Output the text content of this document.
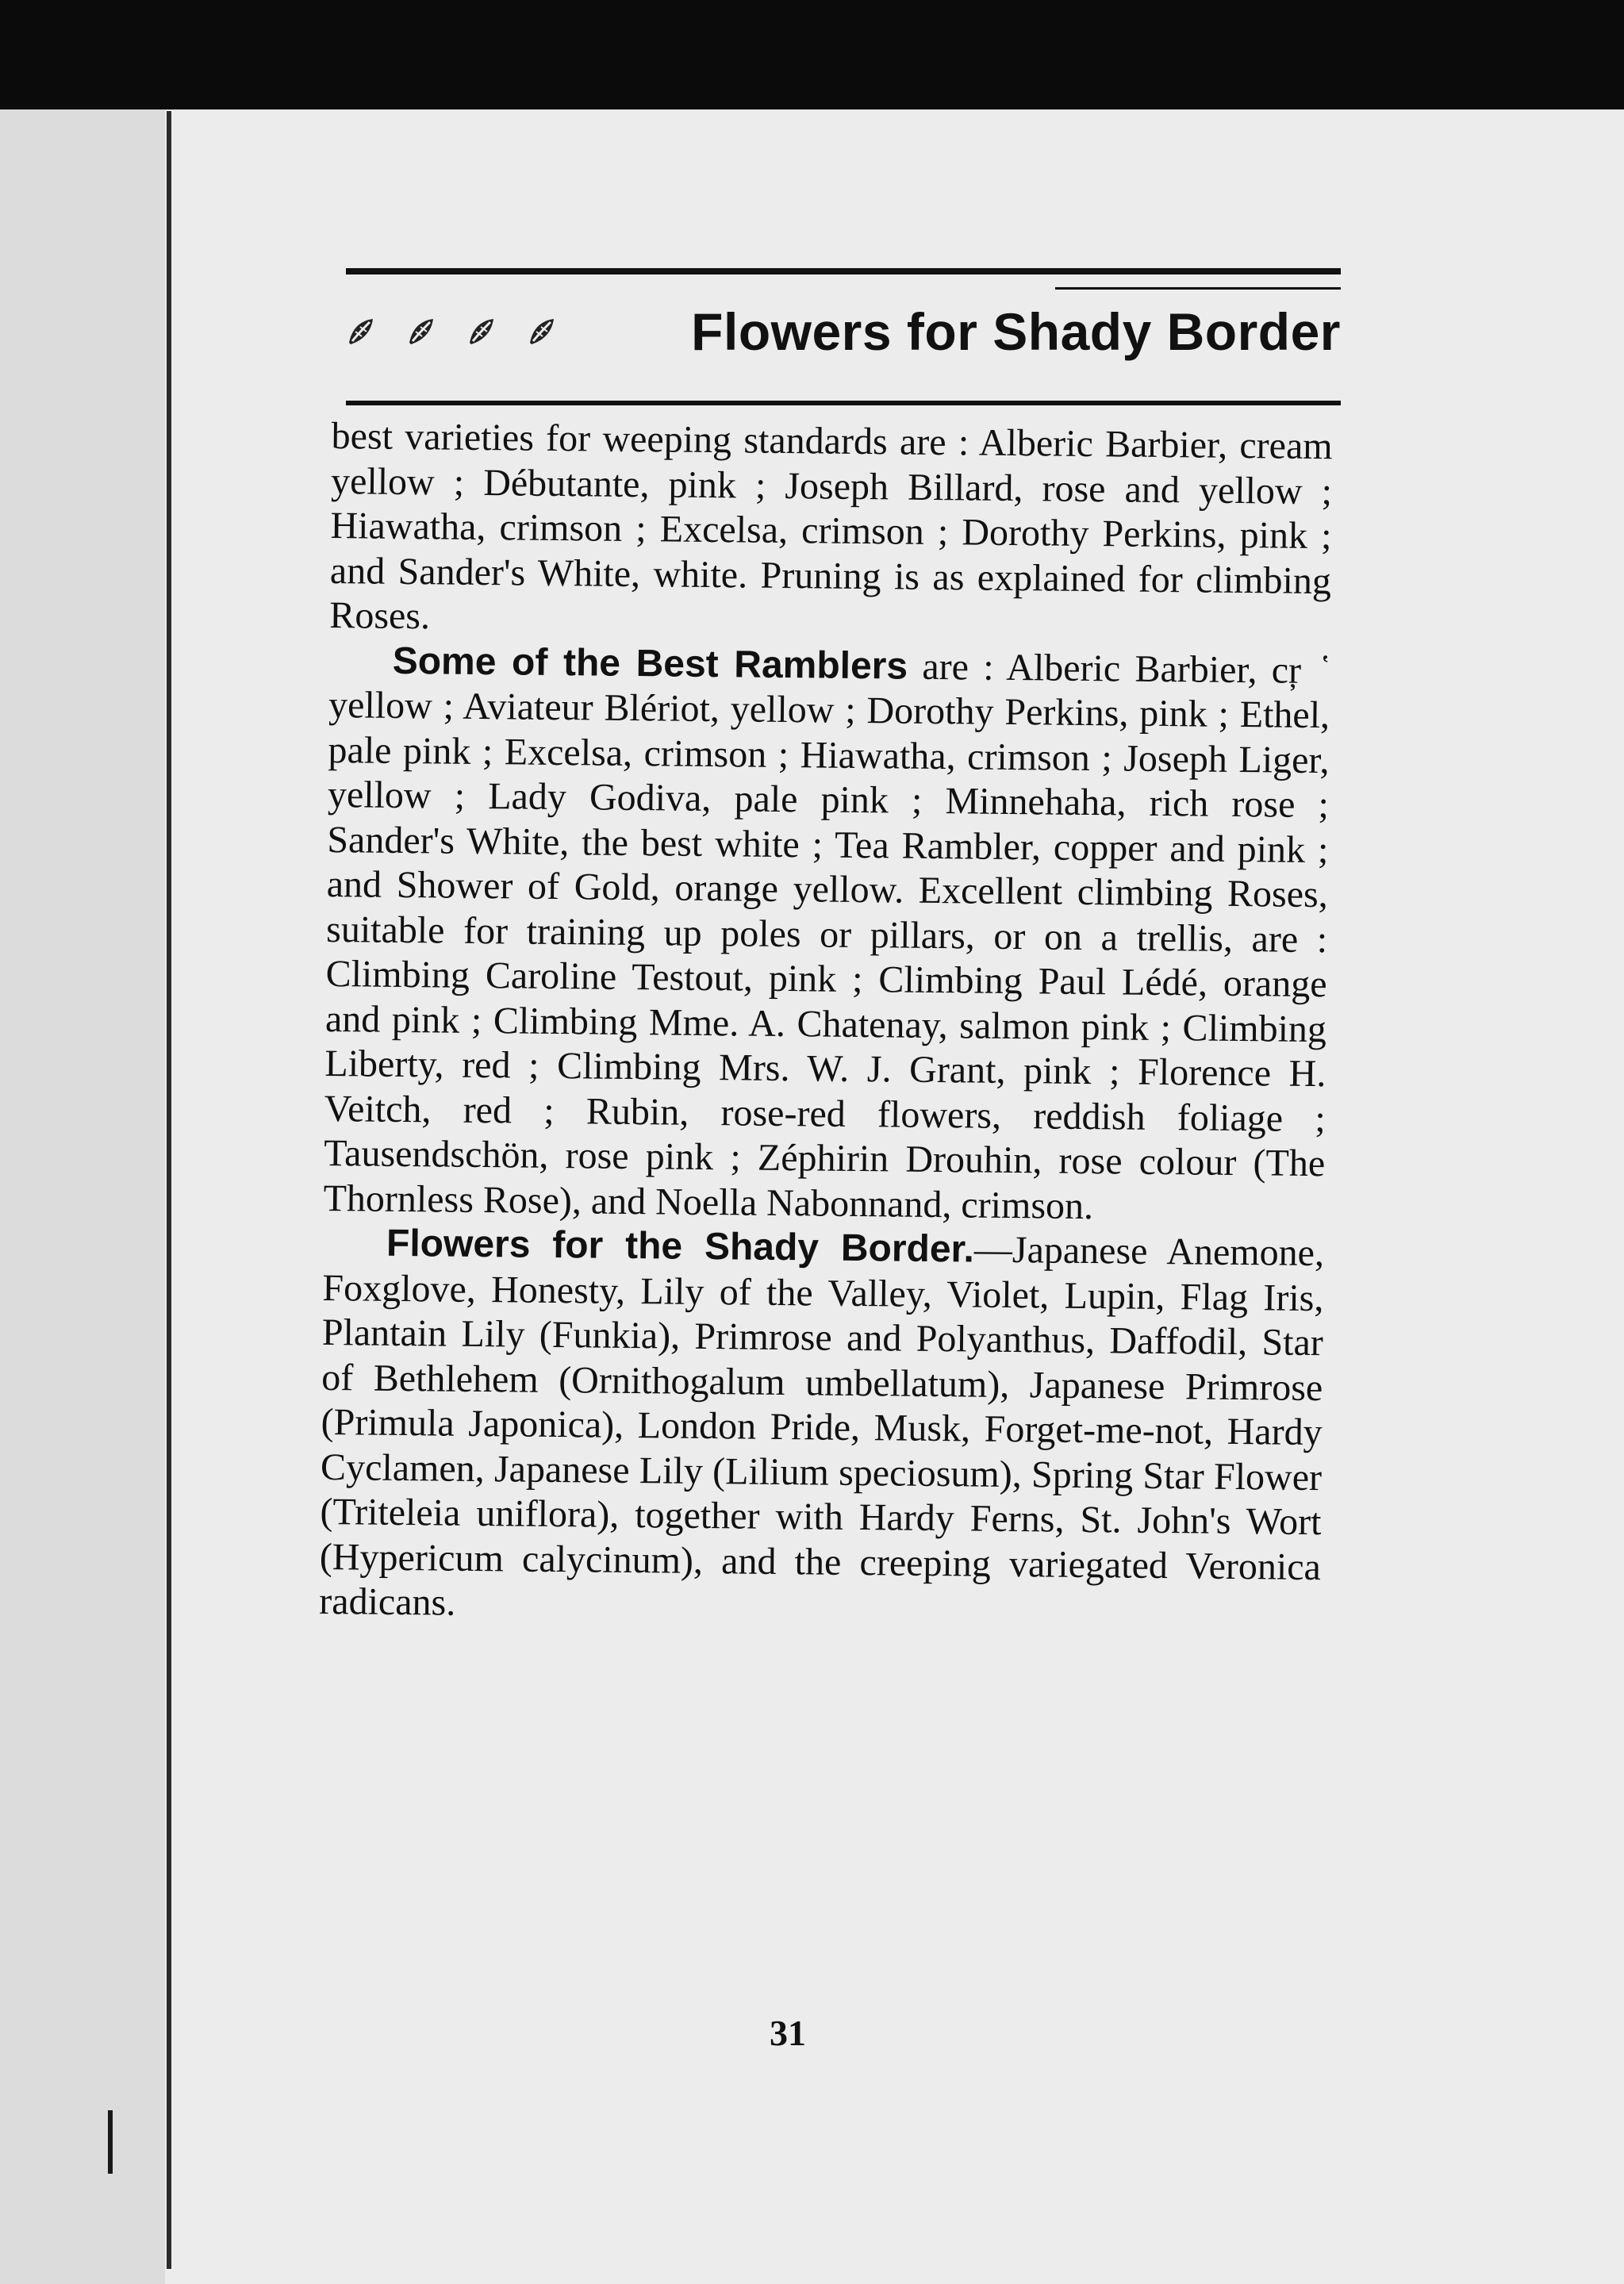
Flowers for Shady Border

best varieties for weeping standards are : Alberic Barbier, cream yellow ; Débutante, pink ; Joseph Billard, rose and yellow ; Hiawatha, crimson ; Excelsa, crimson ; Dorothy Perkins, pink ; and Sander's White, white. Pruning is as explained for climbing Roses.

Some of the Best Ramblers are : Alberic Barbier, cŗ  ̔ yellow ; Aviateur Blériot, yellow ; Dorothy Perkins, pink ; Ethel, pale pink ; Excelsa, crimson ; Hiawatha, crimson ; Joseph Liger, yellow ; Lady Godiva, pale pink ; Minnehaha, rich rose ; Sander's White, the best white ; Tea Rambler, copper and pink ; and Shower of Gold, orange yellow. Excellent climbing Roses, suitable for training up poles or pillars, or on a trellis, are : Climbing Caroline Testout, pink ; Climbing Paul Lédé, orange and pink ; Climbing Mme. A. Chatenay, salmon pink ; Climbing Liberty, red ; Climbing Mrs. W. J. Grant, pink ; Florence H. Veitch, red ; Rubin, rose-red flowers, reddish foliage ; Tausendschön, rose pink ; Zéphirin Drouhin, rose colour (The Thornless Rose), and Noella Nabonnand, crimson.

Flowers for the Shady Border.—Japanese Anemone, Foxglove, Honesty, Lily of the Valley, Violet, Lupin, Flag Iris, Plantain Lily (Funkia), Primrose and Polyanthus, Daffodil, Star of Bethlehem (Ornithogalum umbellatum), Japanese Primrose (Primula Japonica), London Pride, Musk, Forget-me-not, Hardy Cyclamen, Japanese Lily (Lilium speciosum), Spring Star Flower (Triteleia uniflora), together with Hardy Ferns, St. John's Wort (Hypericum calycinum), and the creeping variegated Veronica radicans.

31
